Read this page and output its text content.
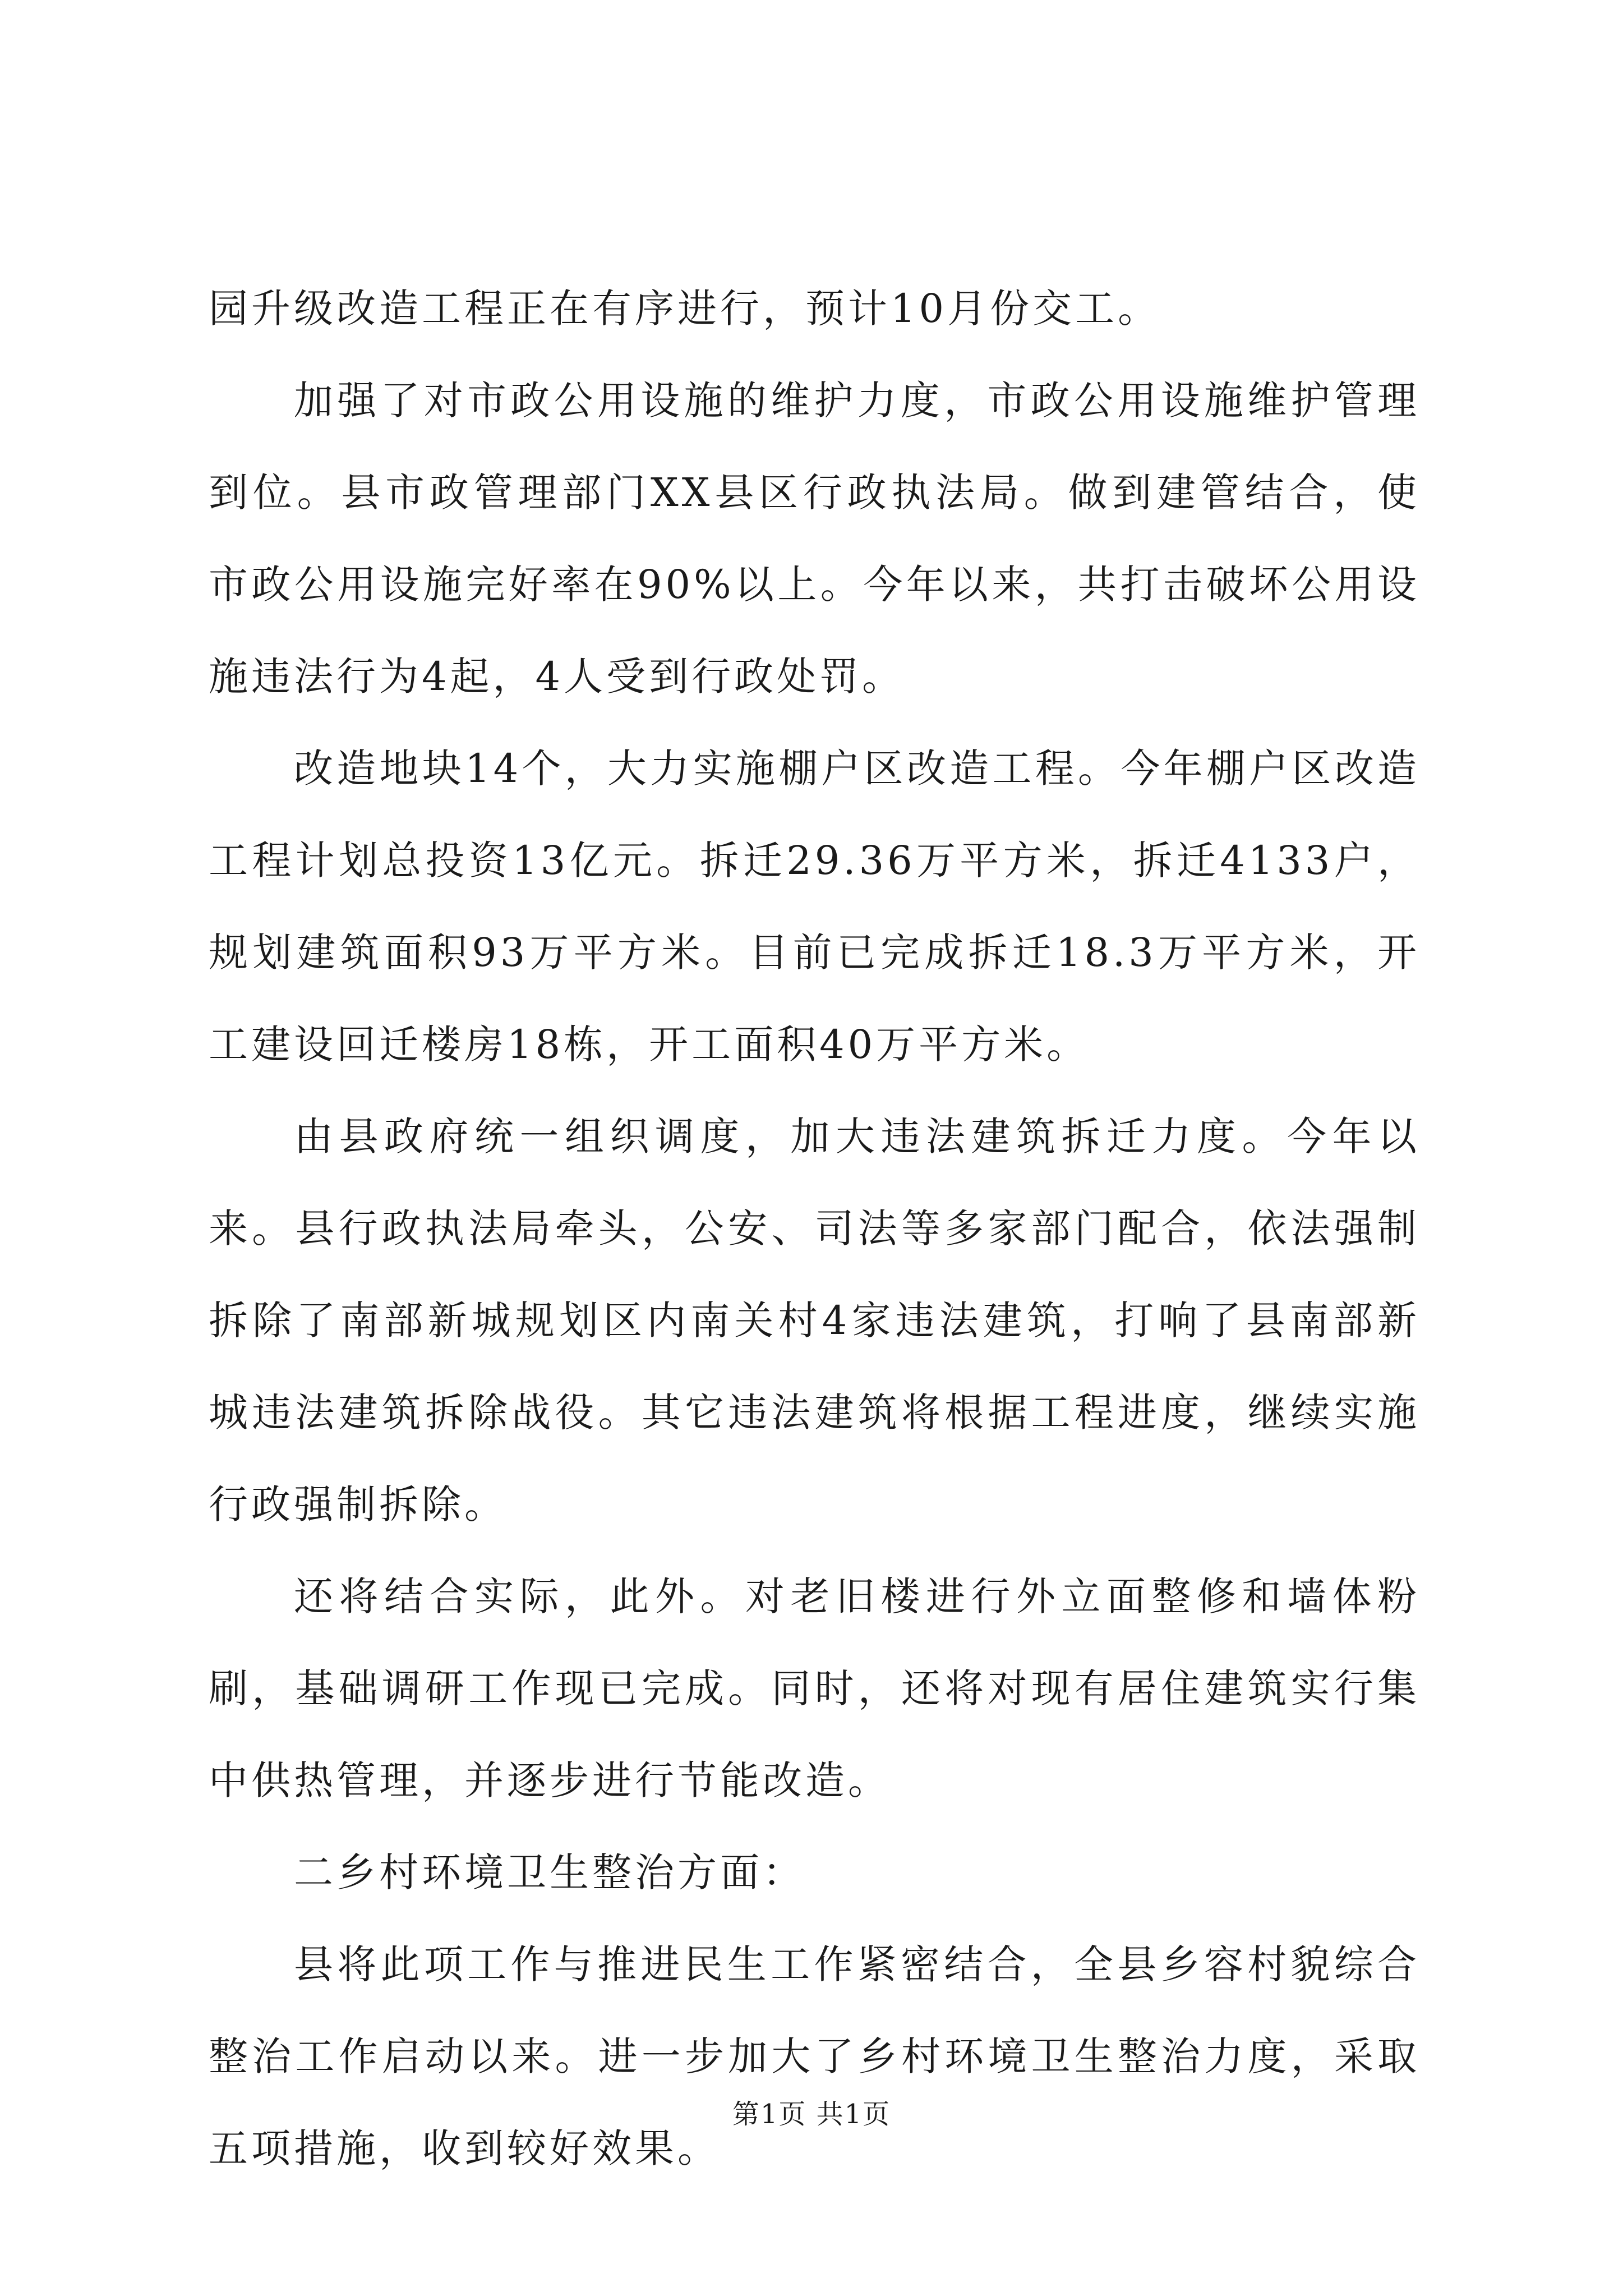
园升级改造工程正在有序进行，预计10月份交工。

加强了对市政公用设施的维护力度，市政公用设施维护管理到位。县市政管理部门XX县区行政执法局。做到建管结合，使市政公用设施完好率在90%以上。今年以来，共打击破坏公用设施违法行为4起，4人受到行政处罚。

改造地块14个，大力实施棚户区改造工程。今年棚户区改造工程计划总投资13亿元。拆迁29.36万平方米，拆迁4133户，规划建筑面积93万平方米。目前已完成拆迁18.3万平方米，开工建设回迁楼房18栋，开工面积40万平方米。

由县政府统一组织调度，加大违法建筑拆迁力度。今年以来。县行政执法局牵头，公安、司法等多家部门配合，依法强制拆除了南部新城规划区内南关村4家违法建筑，打响了县南部新城违法建筑拆除战役。其它违法建筑将根据工程进度，继续实施行政强制拆除。

还将结合实际，此外。对老旧楼进行外立面整修和墙体粉刷，基础调研工作现已完成。同时，还将对现有居住建筑实行集中供热管理，并逐步进行节能改造。

二乡村环境卫生整治方面：

县将此项工作与推进民生工作紧密结合，全县乡容村貌综合整治工作启动以来。进一步加大了乡村环境卫生整治力度，采取五项措施，收到较好效果。

第1页 共1页
